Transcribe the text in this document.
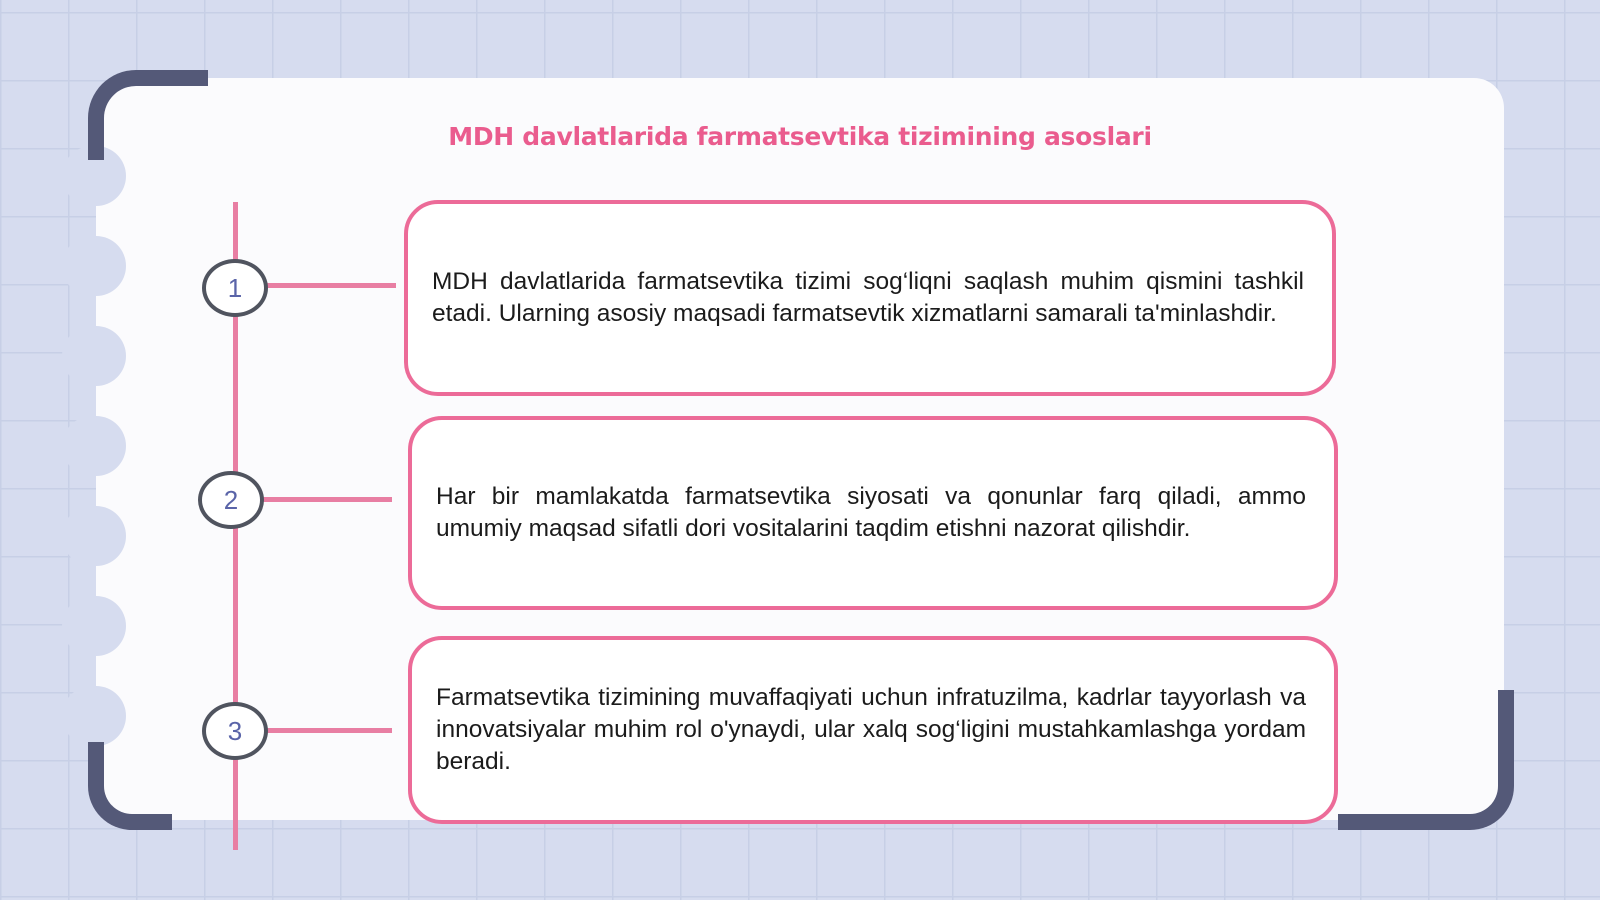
MDH davlatlarida farmatsevtika tizimining asoslari
1	MDH davlatlarida farmatsevtika tizimi sog‘liqni saqlash muhim qismini tashkil etadi. Ularning asosiy maqsadi farmatsevtik xizmatlarni samarali ta'minlashdir.

2	Har bir mamlakatda farmatsevtika siyosati va qonunlar farq qiladi, ammo umumiy maqsad sifatli dori vositalarini taqdim etishni nazorat qilishdir.

3

Farmatsevtika tizimining muvaffaqiyati uchun infratuzilma, kadrlar tayyorlash va innovatsiyalar muhim rol o'ynaydi, ular xalq sog‘ligini mustahkamlashga yordam beradi.
